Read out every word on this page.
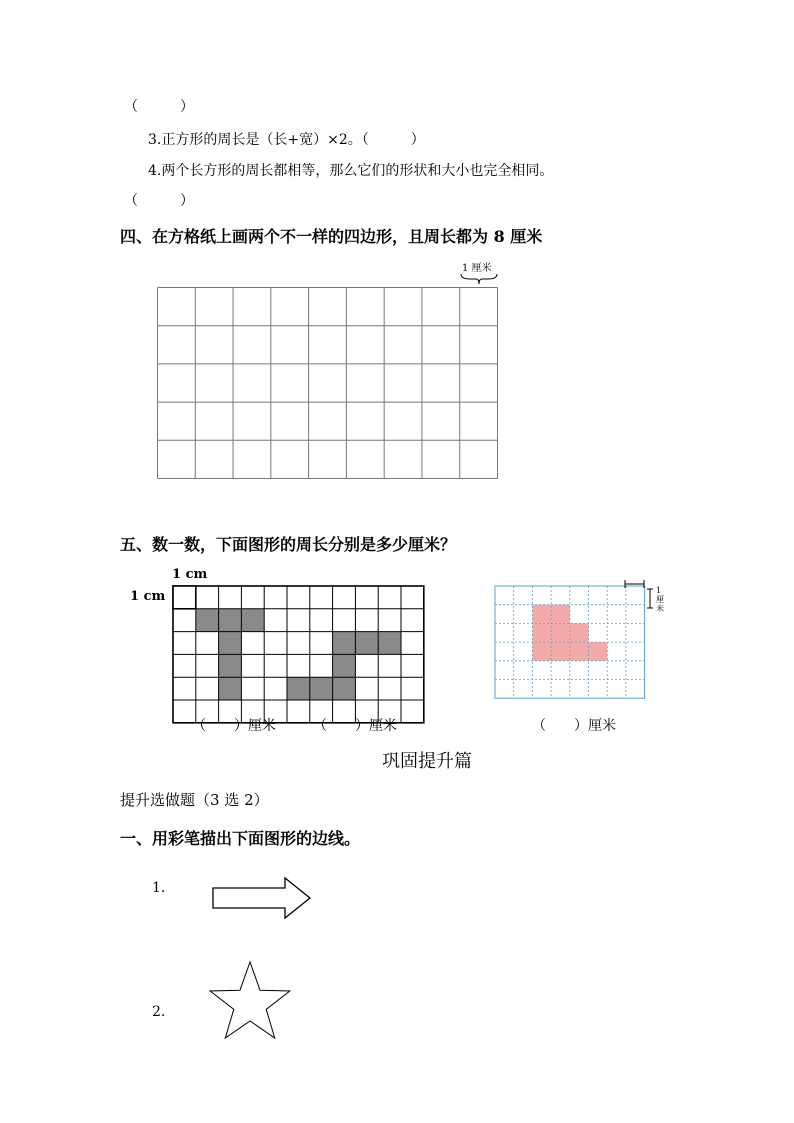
（　　　）
3.正方形的周长是（长+宽）×2。（　　　）
4.两个长方形的周长都相等，那么它们的形状和大小也完全相同。
（　　　）
四、在方格纸上画两个不一样的四边形，且周长都为 8 厘米
1 厘米
五、数一数，下面图形的周长分别是多少厘米？
1 cm
1 cm	1 厘米
（　　）厘米	（　　）厘米	（　　）厘米
巩固提升篇
提升选做题（3 选 2）
一、用彩笔描出下面图形的边线。
1.
2.
